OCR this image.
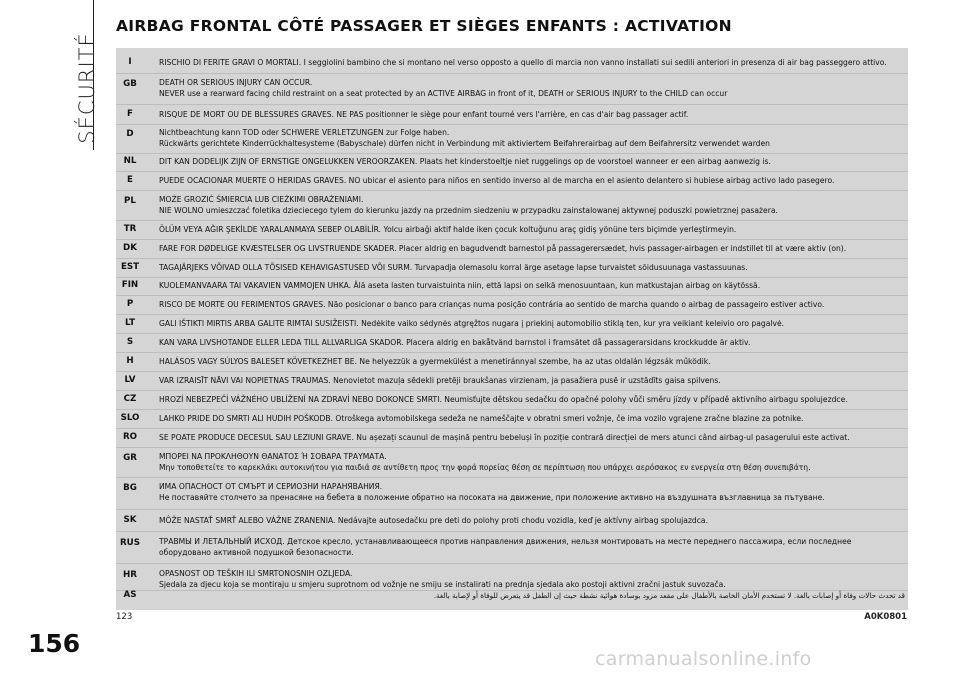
SÉCURITÉ
AIRBAG FRONTAL CÔTÉ PASSAGER ET SIÈGES ENFANTS : ACTIVATION
I	RISCHIO DI FERITE GRAVI O MORTALI. I seggiolini bambino che si montano nel verso opposto a quello di marcia non vanno installati sui sedili anteriori in presenza di air bag passeggero attivo.
GB	DEATH OR SERIOUS INJURY CAN OCCUR.
NEVER use a rearward facing child restraint on a seat protected by an ACTIVE AIRBAG in front of it, DEATH or SERIOUS INJURY to the CHILD can occur
F	RISQUE DE MORT OU DE BLESSURES GRAVES. NE PAS positionner le siège pour enfant tourné vers l'arrière, en cas d'air bag passager actif.
D	Nichtbeachtung kann TOD oder SCHWERE VERLETZUNGEN zur Folge haben.
Rückwärts gerichtete Kinderrückhaltesysteme (Babyschale) dürfen nicht in Verbindung mit aktiviertem Beifahrerairbag auf dem Beifahrersitz verwendet warden
NL	DIT KAN DODELIJK ZIJN OF ERNSTIGE ONGELUKKEN VEROORZAKEN. Plaats het kinderstoeltje niet ruggelings op de voorstoel wanneer er een airbag aanwezig is.
E	PUEDE OCACIONAR MUERTE O HERIDAS GRAVES. NO ubicar el asiento para niños en sentido inverso al de marcha en el asiento delantero si hubiese airbag activo lado pasegero.
PL	MOŻE GROZIĆ ŚMIERCIA LUB CIEŻKIMI OBRAŻENIAMI.
NIE WOLNO umieszczać foletika dzieciecego tylem do kierunku jazdy na przednim siedzeniu w przypadku zainstalowanej aktywnej poduszki powietrznej pasażera.
TR	ÖLÜM VEYA AĞIR ŞEKİLDE YARALANMAYA SEBEP OLABİLİR. Yolcu airbaği aktif halde iken çocuk koltuğunu araç gidiş yönüne ters biçimde yerleştirmeyin.
DK	FARE FOR DØDELIGE KVÆSTELSER OG LIVSTRUENDE SKADER. Placer aldrig en bagudvendt barnestol på passagerersædet, hvis passager-airbagen er indstillet til at være aktiv (on).
EST	TAGAJÄRJEKS VÕIVAD OLLA TÕSISED KEHAVIGASTUSED VÕI SURM. Turvapadja olemasolu korral ärge asetage lapse turvaistet sõidusuunaga vastassuunas.
FIN	KUOLEMANVAARA TAI VAKAVIEN VAMMOJEN UHKA. Älä aseta lasten turvaistuinta niin, että lapsi on selkä menosuuntaan, kun matkustajan airbag on käytössä.
P	RISCO DE MORTE OU FERIMENTOS GRAVES. Não posicionar o banco para crianças numa posição contrária ao sentido de marcha quando o airbag de passageiro estiver activo.
LT	GALI IŠTIKTI MIRTIS ARBA GALITE RIMTAI SUSIŽEISTI. Nedėkite vaiko sėdynės atgręžtos nugara į priekinį automobilio stiklą ten, kur yra veikiant keleivio oro pagalvė.
S	KAN VARA LIVSHOTANDE ELLER LEDA TILL ALLVARLIGA SKADOR. Placera aldrig en bakåtvänd barnstol i framsätet då passagerarsidans krockkudde är aktiv.
H	HALÁSOS VAGY SÚLYOS BALESET KÖVETKEZHET BE. Ne helyezzük a gyermekülést a menetiránnyal szembe, ha az utas oldalán légzsák működik.
LV	VAR IZRAISĪT NĀVI VAI NOPIETNAS TRAUMAS. Nenovietot mazuļa sēdekli pretēji braukšanas virzienam, ja pasažiera pusē ir uzstādīts gaisa spilvens.
CZ	HROZÍ NEBEZPEČÍ VÁŽNÉHO UBLÍŽENÍ NA ZDRAVÍ NEBO DOKONCE SMRTI. Neumisťujte dětskou sedačku do opačné polohy vůči směru jízdy v případě aktivního airbagu spolujezdce.
SLO	LAHKO PRIDE DO SMRTI ALI HUDIH POŠKODB. Otroškega avtomobilskega sedeža ne nameščajte v obratni smeri vožnje, če ima vozilo vgrajene zračne blazine za potnike.
RO	SE POATE PRODUCE DECESUL SAU LEZIUNI GRAVE. Nu așezați scaunul de mașină pentru bebeluși în poziție contrară direcției de mers atunci când airbag-ul pasagerului este activat.
GR	ΜΠΟΡΕΙ ΝΑ ΠΡΟΚΛΗΘΟΥΝ ΘΑΝΑΤΟΣ Ή ΣΟΒΑΡΑ ΤΡΑΥΜΑΤΑ.
Μην τοποθετείτε το καρεκλάκι αυτοκινήτου για παιδιά σε αντίθετη προς την φορά πορείας θέση σε περίπτωση που υπάρχει αερόσακος εν ενεργεία στη θέση συνεπιβάτη.
BG	ИМА ОПАСНОСТ ОТ СМЪРТ И СЕРИОЗНИ НАРАНЯВАНИЯ.
Не поставяйте столчето за пренасяне на бебета в положение обратно на посоката на движение, при положение активно на въздушната възглавница за пътуване.
SK	MÔŽE NASTAŤ SMRŤ ALEBO VÁŽNE ZRANENIA. Nedávajte autosedačku pre deti do polohy proti chodu vozidla, keď je aktívny airbag spolujazdca.
RUS	ТРАВМЫ И ЛЕТАЛЬНЫЙ ИСХОД. Детское кресло, устанавливающееся против направления движения, нельзя монтировать на месте переднего пассажира, если последнее
оборудовано активной подушкой безопасности.
HR	OPASNOST OD TEŠKIH ILI SMRTONOSNIH OZLJEDA.
Sjedala za djecu koja se montiraju u smjeru suprotnom od vožnje ne smiju se instalirati na prednja sjedala ako postoji aktivni zračni jastuk suvozača.
AS	قد تحدث حالات وفاة أو إصابات بالغة. لا تستخدم الأمان الخاصة بالأطفال على مقعد مزود بوسادة هوائية نشطة حيث إن الطفل قد يتعرض للوفاة أو لإصابة بالغة.
123	A0K0801
156
carmanualsonline.info
